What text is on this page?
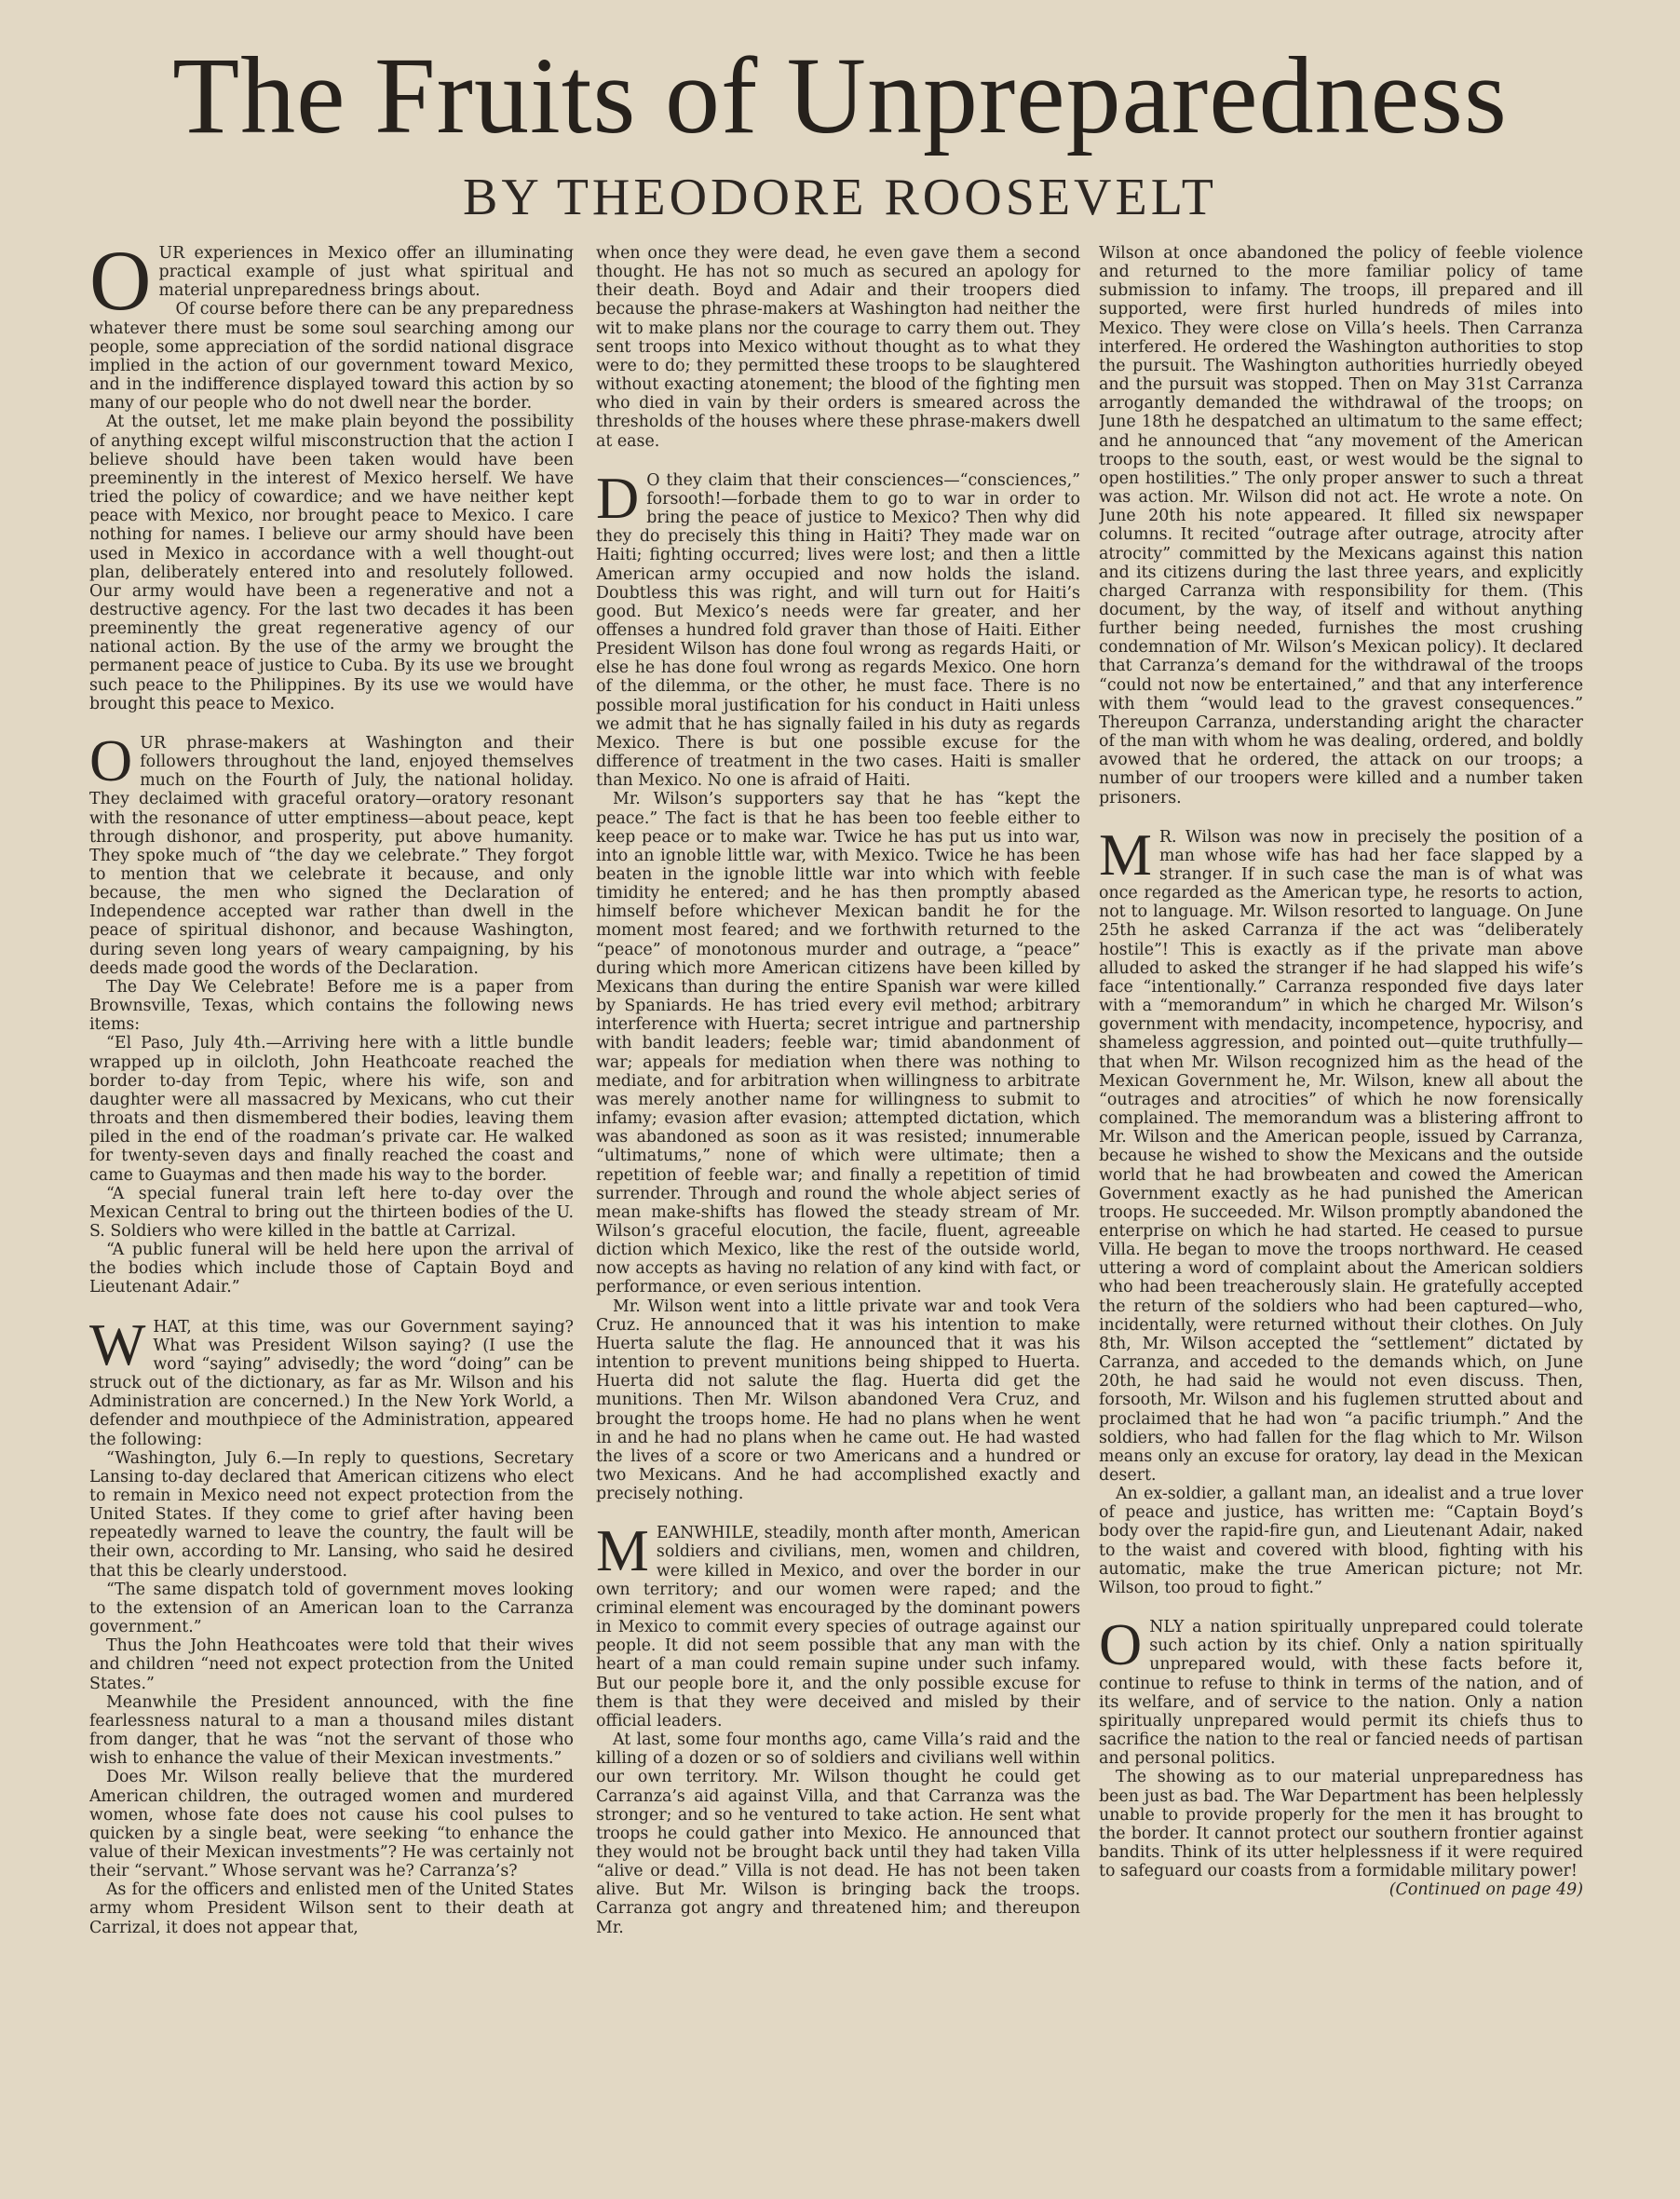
The Fruits of Unpreparedness
BY THEODORE ROOSEVELT

OUR experiences in Mexico offer an illuminating practical example of just what spiritual and material unpreparedness brings about.

Of course before there can be any preparedness whatever there must be some soul searching among our people, some appreciation of the sordid national disgrace implied in the action of our government toward Mexico, and in the indifference displayed toward this action by so many of our people who do not dwell near the border.

At the outset, let me make plain beyond the possibility of anything except wilful misconstruction that the action I believe should have been taken would have been preeminently in the interest of Mexico herself. We have tried the policy of cowardice; and we have neither kept peace with Mexico, nor brought peace to Mexico. I care nothing for names. I believe our army should have been used in Mexico in accordance with a well thought-out plan, deliberately entered into and resolutely followed. Our army would have been a regenerative and not a destructive agency. For the last two decades it has been preeminently the great regenerative agency of our national action. By the use of the army we brought the permanent peace of justice to Cuba. By its use we brought such peace to the Philippines. By its use we would have brought this peace to Mexico.

OUR phrase-makers at Washington and their followers throughout the land, enjoyed themselves much on the Fourth of July, the national holiday. They declaimed with graceful oratory—oratory resonant with the resonance of utter emptiness—about peace, kept through dishonor, and prosperity, put above humanity. They spoke much of “the day we celebrate.” They forgot to mention that we celebrate it because, and only because, the men who signed the Declaration of Independence accepted war rather than dwell in the peace of spiritual dishonor, and because Washington, during seven long years of weary campaigning, by his deeds made good the words of the Declaration.

The Day We Celebrate! Before me is a paper from Brownsville, Texas, which contains the following news items:

“El Paso, July 4th.—Arriving here with a little bundle wrapped up in oilcloth, John Heathcoate reached the border to-day from Tepic, where his wife, son and daughter were all massacred by Mexicans, who cut their throats and then dismembered their bodies, leaving them piled in the end of the roadman’s private car. He walked for twenty-seven days and finally reached the coast and came to Guaymas and then made his way to the border.

“A special funeral train left here to-day over the Mexican Central to bring out the thirteen bodies of the U. S. Soldiers who were killed in the battle at Carrizal.

“A public funeral will be held here upon the arrival of the bodies which include those of Captain Boyd and Lieutenant Adair.”

WHAT, at this time, was our Government saying? What was President Wilson saying? (I use the word “saying” advisedly; the word “doing” can be struck out of the dictionary, as far as Mr. Wilson and his Administration are concerned.) In the New York World, a defender and mouthpiece of the Administration, appeared the following:

“Washington, July 6.—In reply to questions, Secretary Lansing to-day declared that American citizens who elect to remain in Mexico need not expect protection from the United States. If they come to grief after having been repeatedly warned to leave the country, the fault will be their own, according to Mr. Lansing, who said he desired that this be clearly understood.

“The same dispatch told of government moves looking to the extension of an American loan to the Carranza government.”

Thus the John Heathcoates were told that their wives and children “need not expect protection from the United States.”

Meanwhile the President announced, with the fine fearlessness natural to a man a thousand miles distant from danger, that he was “not the servant of those who wish to enhance the value of their Mexican investments.”

Does Mr. Wilson really believe that the murdered American children, the outraged women and murdered women, whose fate does not cause his cool pulses to quicken by a single beat, were seeking “to enhance the value of their Mexican investments”? He was certainly not their “servant.” Whose servant was he? Carranza’s?

As for the officers and enlisted men of the United States army whom President Wilson sent to their death at Carrizal, it does not appear that,

when once they were dead, he even gave them a second thought. He has not so much as secured an apology for their death. Boyd and Adair and their troopers died because the phrase-makers at Washington had neither the wit to make plans nor the courage to carry them out. They sent troops into Mexico without thought as to what they were to do; they permitted these troops to be slaughtered without exacting atonement; the blood of the fighting men who died in vain by their orders is smeared across the thresholds of the houses where these phrase-makers dwell at ease.

D O they claim that their consciences—“consciences,” forsooth!—forbade them to go to war in order to bring the peace of justice to Mexico? Then why did they do precisely this thing in Haiti? They made war on Haiti; fighting occurred; lives were lost; and then a little American army occupied and now holds the island. Doubtless this was right, and will turn out for Haiti’s good. But Mexico’s needs were far greater, and her offenses a hundred fold graver than those of Haiti. Either President Wilson has done foul wrong as regards Haiti, or else he has done foul wrong as regards Mexico. One horn of the dilemma, or the other, he must face. There is no possible moral justification for his conduct in Haiti unless we admit that he has signally failed in his duty as regards Mexico. There is but one possible excuse for the difference of treatment in the two cases. Haiti is smaller than Mexico. No one is afraid of Haiti.

Mr. Wilson’s supporters say that he has “kept the peace.” The fact is that he has been too feeble either to keep peace or to make war. Twice he has put us into war, into an ignoble little war, with Mexico. Twice he has been beaten in the ignoble little war into which with feeble timidity he entered; and he has then promptly abased himself before whichever Mexican bandit he for the moment most feared; and we forthwith returned to the “peace” of monotonous murder and outrage, a “peace” during which more American citizens have been killed by Mexicans than during the entire Spanish war were killed by Spaniards. He has tried every evil method; arbitrary interference with Huerta; secret intrigue and partnership with bandit leaders; feeble war; timid abandonment of war; appeals for mediation when there was nothing to mediate, and for arbitration when willingness to arbitrate was merely another name for willingness to submit to infamy; evasion after evasion; attempted dictation, which was abandoned as soon as it was resisted; innumerable “ultimatums,” none of which were ultimate; then a repetition of feeble war; and finally a repetition of timid surrender. Through and round the whole abject series of mean make-shifts has flowed the steady stream of Mr. Wilson’s graceful elocution, the facile, fluent, agreeable diction which Mexico, like the rest of the outside world, now accepts as having no relation of any kind with fact, or performance, or even serious intention.

Mr. Wilson went into a little private war and took Vera Cruz. He announced that it was his intention to make Huerta salute the flag. He announced that it was his intention to prevent munitions being shipped to Huerta. Huerta did not salute the flag. Huerta did get the munitions. Then Mr. Wilson abandoned Vera Cruz, and brought the troops home. He had no plans when he went in and he had no plans when he came out. He had wasted the lives of a score or two Americans and a hundred or two Mexicans. And he had accomplished exactly and precisely nothing.

MEANWHILE, steadily, month after month, American soldiers and civilians, men, women and children, were killed in Mexico, and over the border in our own territory; and our women were raped; and the criminal element was encouraged by the dominant powers in Mexico to commit every species of outrage against our people. It did not seem possible that any man with the heart of a man could remain supine under such infamy. But our people bore it, and the only possible excuse for them is that they were deceived and misled by their official leaders.

At last, some four months ago, came Villa’s raid and the killing of a dozen or so of soldiers and civilians well within our own territory. Mr. Wilson thought he could get Carranza’s aid against Villa, and that Carranza was the stronger; and so he ventured to take action. He sent what troops he could gather into Mexico. He announced that they would not be brought back until they had taken Villa “alive or dead.” Villa is not dead. He has not been taken alive. But Mr. Wilson is bringing back the troops. Carranza got angry and threatened him; and thereupon Mr.

Wilson at once abandoned the policy of feeble violence and returned to the more familiar policy of tame submission to infamy. The troops, ill prepared and ill supported, were first hurled hundreds of miles into Mexico. They were close on Villa’s heels. Then Carranza interfered. He ordered the Washington authorities to stop the pursuit. The Washington authorities hurriedly obeyed and the pursuit was stopped. Then on May 31st Carranza arrogantly demanded the withdrawal of the troops; on June 18th he despatched an ultimatum to the same effect; and he announced that “any movement of the American troops to the south, east, or west would be the signal to open hostilities.” The only proper answer to such a threat was action. Mr. Wilson did not act. He wrote a note. On June 20th his note appeared. It filled six newspaper columns. It recited “outrage after outrage, atrocity after atrocity” committed by the Mexicans against this nation and its citizens during the last three years, and explicitly charged Carranza with responsibility for them. (This document, by the way, of itself and without anything further being needed, furnishes the most crushing condemnation of Mr. Wilson’s Mexican policy). It declared that Carranza’s demand for the withdrawal of the troops “could not now be entertained,” and that any interference with them “would lead to the gravest consequences.” Thereupon Carranza, understanding aright the character of the man with whom he was dealing, ordered, and boldly avowed that he ordered, the attack on our troops; a number of our troopers were killed and a number taken prisoners.

M R. Wilson was now in precisely the position of a man whose wife has had her face slapped by a stranger. If in such case the man is of what was once regarded as the American type, he resorts to action, not to language. Mr. Wilson resorted to language. On June 25th he asked Carranza if the act was “deliberately hostile”! This is exactly as if the private man above alluded to asked the stranger if he had slapped his wife’s face “intentionally.” Carranza responded five days later with a “memorandum” in which he charged Mr. Wilson’s government with mendacity, incompetence, hypocrisy, and shameless aggression, and pointed out—quite truthfully—that when Mr. Wilson recognized him as the head of the Mexican Government he, Mr. Wilson, knew all about the “outrages and atrocities” of which he now forensically complained. The memorandum was a blistering affront to Mr. Wilson and the American people, issued by Carranza, because he wished to show the Mexicans and the outside world that he had browbeaten and cowed the American Government exactly as he had punished the American troops. He succeeded. Mr. Wilson promptly abandoned the enterprise on which he had started. He ceased to pursue Villa. He began to move the troops northward. He ceased uttering a word of complaint about the American soldiers who had been treacherously slain. He gratefully accepted the return of the soldiers who had been captured—who, incidentally, were returned without their clothes. On July 8th, Mr. Wilson accepted the “settlement” dictated by Carranza, and acceded to the demands which, on June 20th, he had said he would not even discuss. Then, forsooth, Mr. Wilson and his fuglemen strutted about and proclaimed that he had won “a pacific triumph.” And the soldiers, who had fallen for the flag which to Mr. Wilson means only an excuse for oratory, lay dead in the Mexican desert.

An ex-soldier, a gallant man, an idealist and a true lover of peace and justice, has written me: “Captain Boyd’s body over the rapid-fire gun, and Lieutenant Adair, naked to the waist and covered with blood, fighting with his automatic, make the true American picture; not Mr. Wilson, too proud to fight.”

ONLY a nation spiritually unprepared could tolerate such action by its chief. Only a nation spiritually unprepared would, with these facts before it, continue to refuse to think in terms of the nation, and of its welfare, and of service to the nation. Only a nation spiritually unprepared would permit its chiefs thus to sacrifice the nation to the real or fancied needs of partisan and personal politics.

The showing as to our material unpreparedness has been just as bad. The War Department has been helplessly unable to provide properly for the men it has brought to the border. It cannot protect our southern frontier against bandits. Think of its utter helplessness if it were required to safeguard our coasts from a formidable military power!

(Continued on page 49)
